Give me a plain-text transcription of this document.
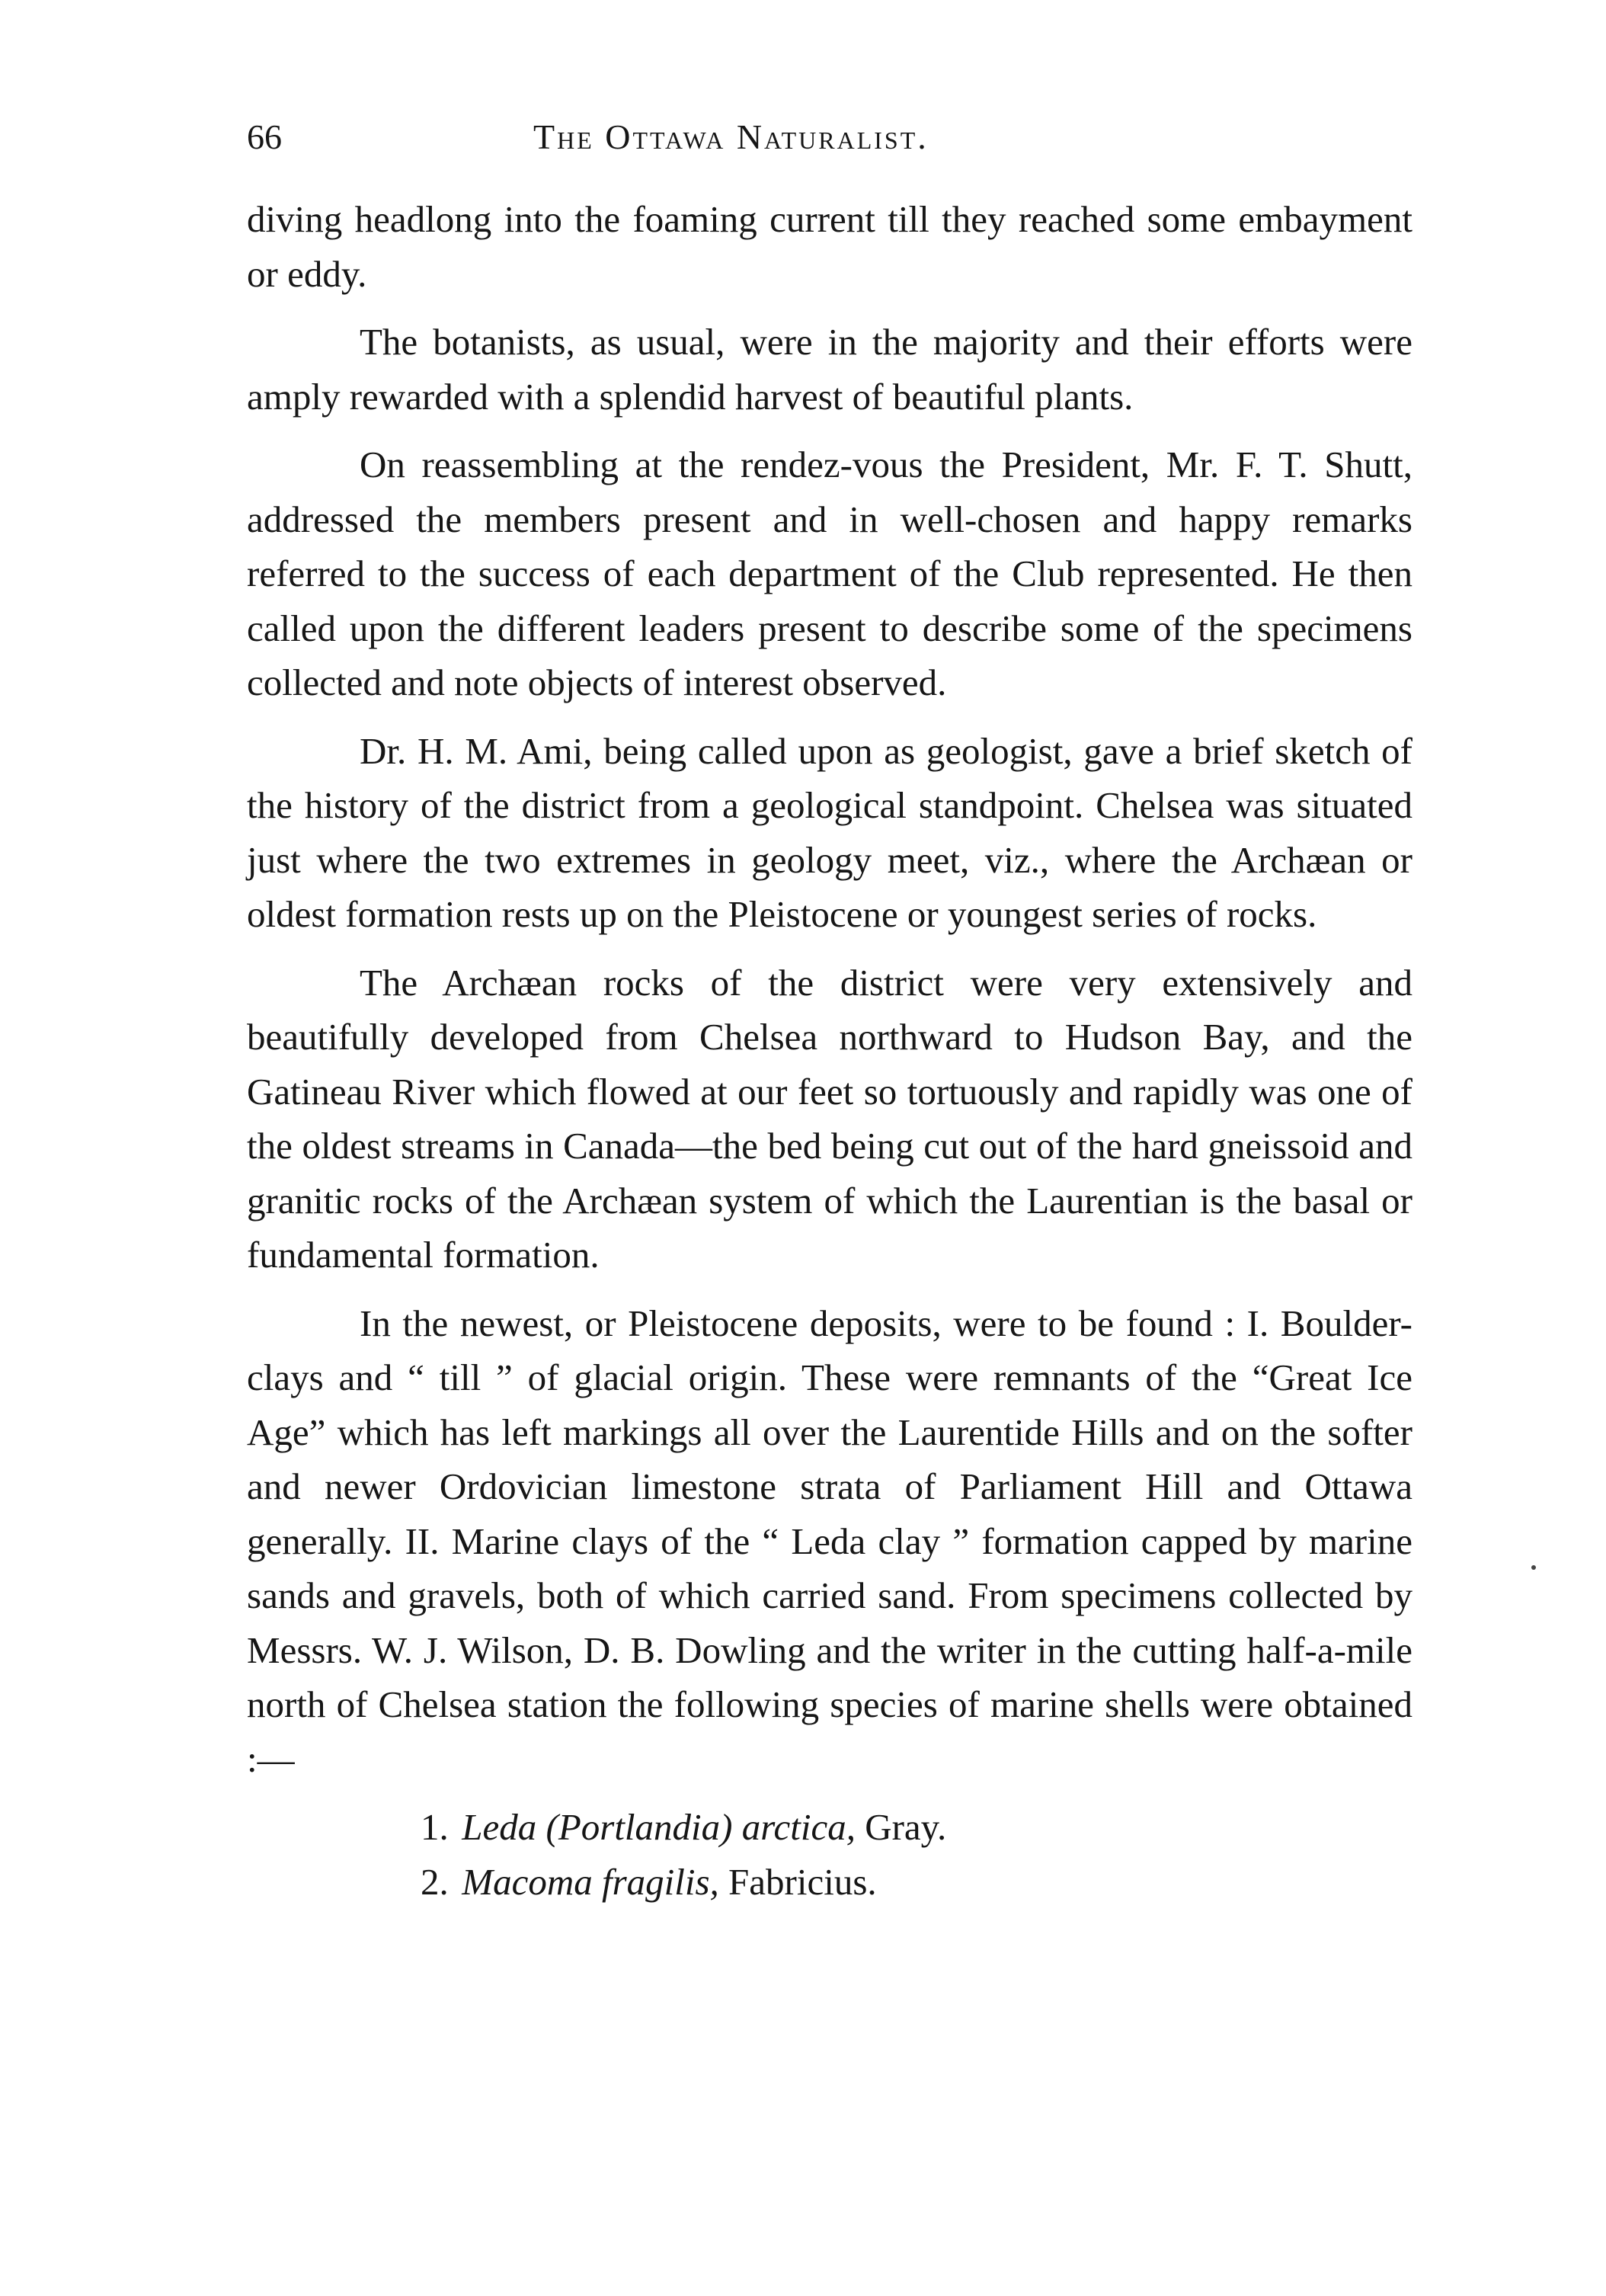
66	The Ottawa Naturalist.

diving headlong into the foaming current till they reached some embayment or eddy.

The botanists, as usual, were in the majority and their efforts were amply rewarded with a splendid harvest of beautiful plants.

On reassembling at the rendez-vous the President, Mr. F. T. Shutt, addressed the members present and in well-chosen and happy remarks referred to the success of each department of the Club represented. He then called upon the different leaders present to describe some of the specimens collected and note objects of interest observed.

Dr. H. M. Ami, being called upon as geologist, gave a brief sketch of the history of the district from a geological standpoint. Chelsea was situated just where the two extremes in geology meet, viz., where the Archæan or oldest formation rests up on the Pleistocene or youngest series of rocks.

The Archæan rocks of the district were very extensively and beautifully developed from Chelsea northward to Hudson Bay, and the Gatineau River which flowed at our feet so tortuously and rapidly was one of the oldest streams in Canada—the bed being cut out of the hard gneissoid and granitic rocks of the Archæan system of which the Laurentian is the basal or fundamental formation.

In the newest, or Pleistocene deposits, were to be found : I. Boulder-clays and “ till ” of glacial origin. These were remnants of the “Great Ice Age” which has left markings all over the Laurentide Hills and on the softer and newer Ordovician limestone strata of Parliament Hill and Ottawa generally. II. Marine clays of the “ Leda clay ” formation capped by marine sands and gravels, both of which carried sand. From specimens collected by Messrs. W. J. Wilson, D. B. Dowling and the writer in the cutting half-a-mile north of Chelsea station the following species of marine shells were obtained :—

1. Leda (Portlandia) arctica, Gray.
2. Macoma fragilis, Fabricius.
